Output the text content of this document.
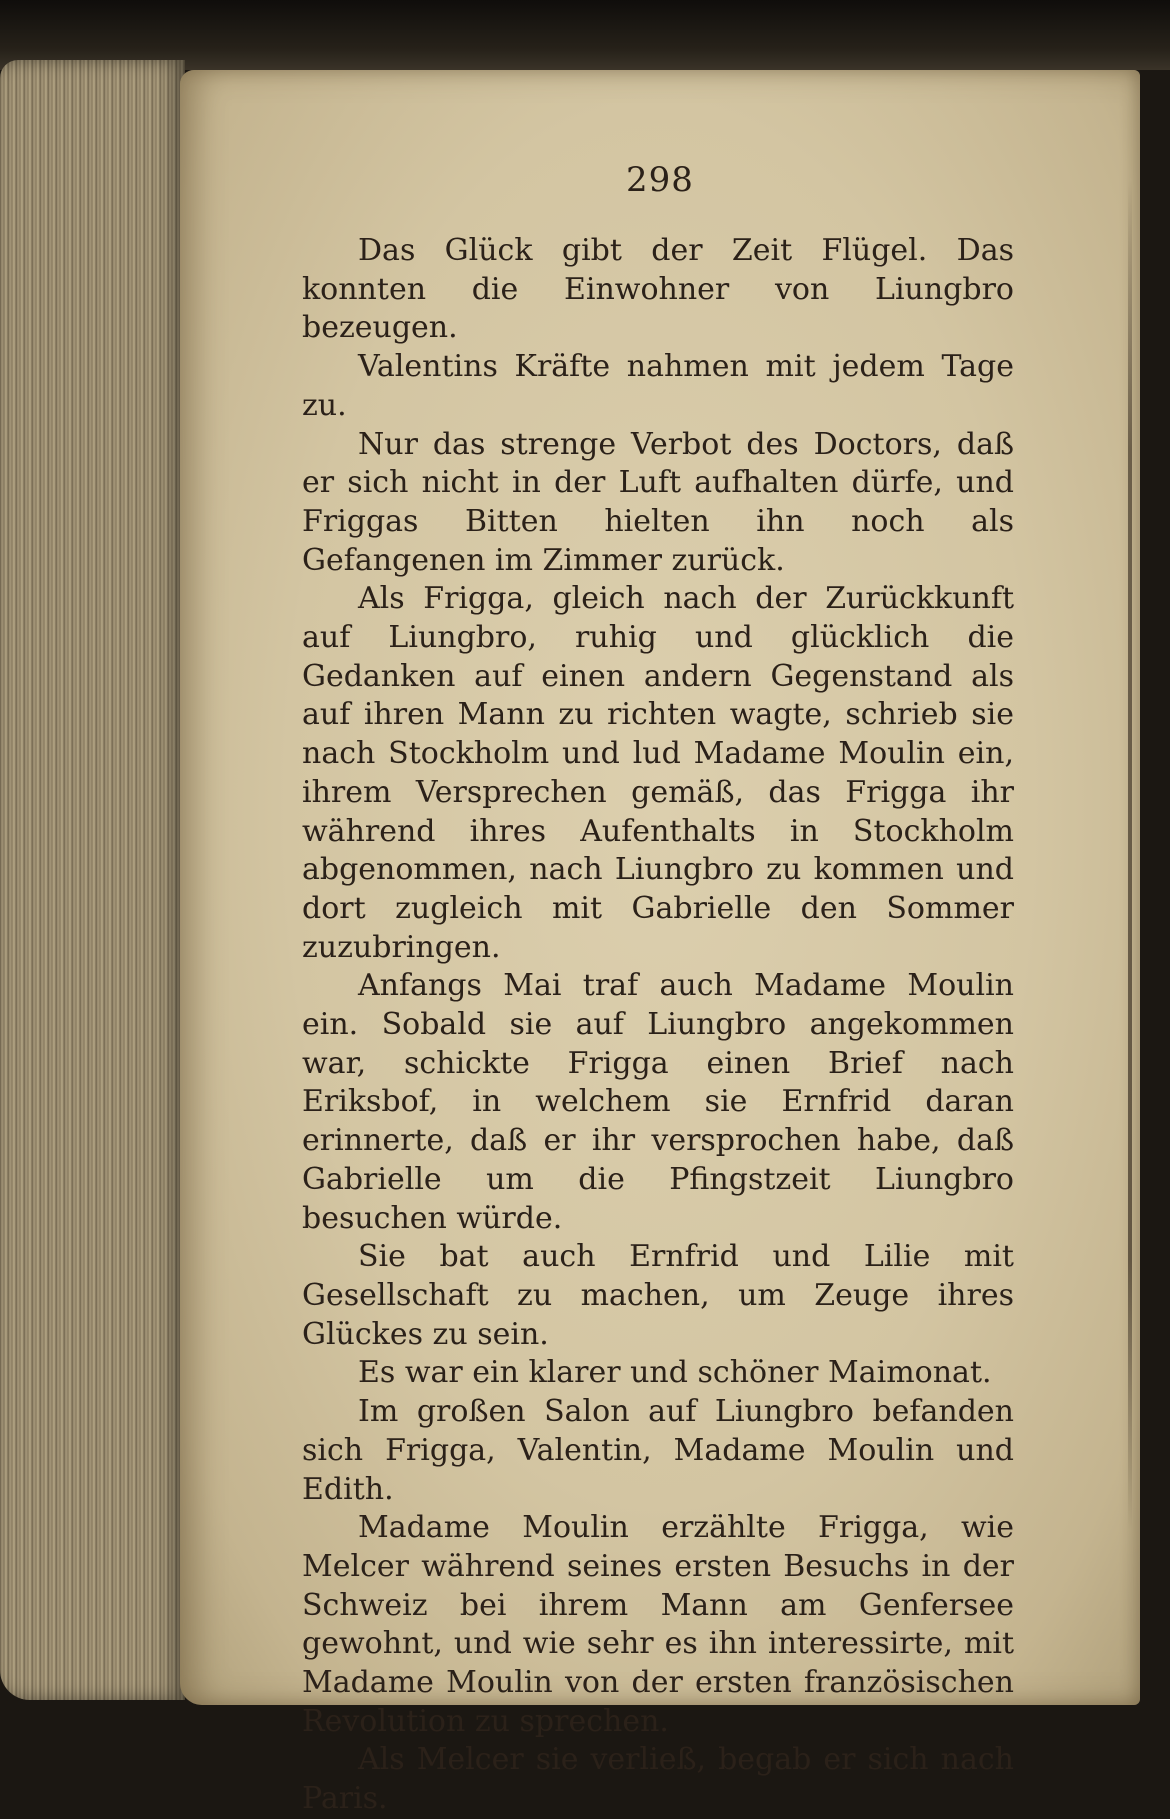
298

Das Glück gibt der Zeit Flügel. Das konnten die Einwohner von Liungbro bezeugen.

Valentins Kräfte nahmen mit jedem Tage zu.

Nur das strenge Verbot des Doctors, daß er sich nicht in der Luft aufhalten dürfe, und Friggas Bitten hielten ihn noch als Gefangenen im Zimmer zurück.

Als Frigga, gleich nach der Zurückkunft auf Liungbro, ruhig und glücklich die Gedanken auf einen andern Gegenstand als auf ihren Mann zu richten wagte, schrieb sie nach Stockholm und lud Madame Moulin ein, ihrem Versprechen gemäß, das Frigga ihr während ihres Aufenthalts in Stockholm abgenommen, nach Liungbro zu kommen und dort zugleich mit Gabrielle den Sommer zuzubringen.

Anfangs Mai traf auch Madame Moulin ein. Sobald sie auf Liungbro angekommen war, schickte Frigga einen Brief nach Eriksbof, in welchem sie Ernfrid daran erinnerte, daß er ihr versprochen habe, daß Gabrielle um die Pfingstzeit Liungbro besuchen würde.

Sie bat auch Ernfrid und Lilie mit Gesellschaft zu machen, um Zeuge ihres Glückes zu sein.

Es war ein klarer und schöner Maimonat.

Im großen Salon auf Liungbro befanden sich Frigga, Valentin, Madame Moulin und Edith.

Madame Moulin erzählte Frigga, wie Melcer während seines ersten Besuchs in der Schweiz bei ihrem Mann am Genfersee gewohnt, und wie sehr es ihn interessirte, mit Madame Moulin von der ersten französischen Revolution zu sprechen.

Als Melcer sie verließ, begab er sich nach Paris.
